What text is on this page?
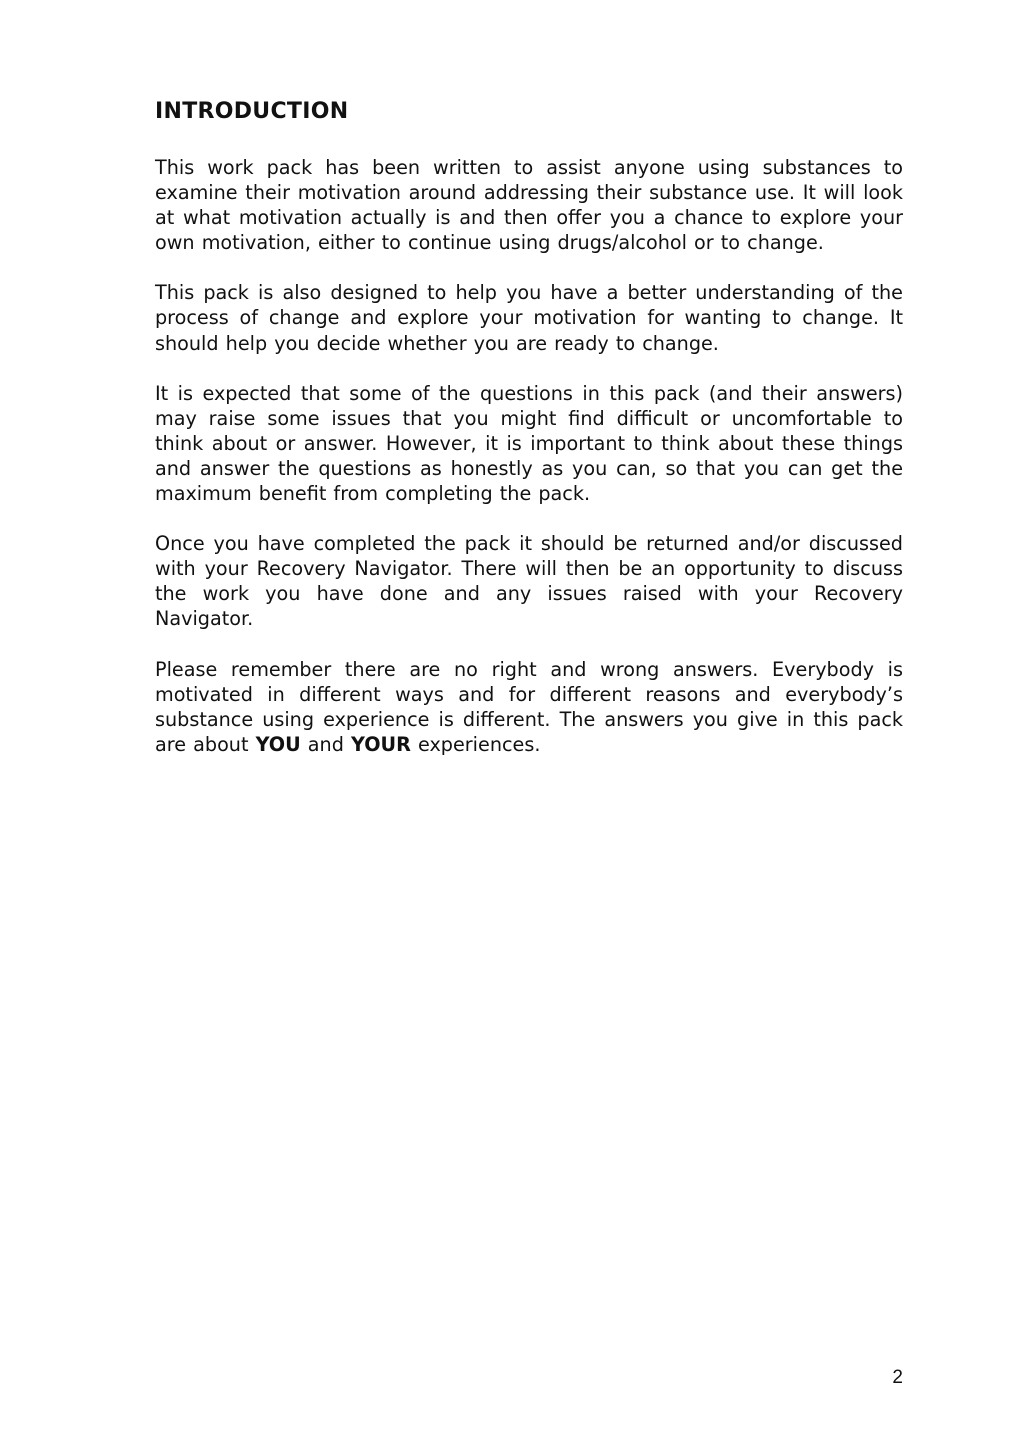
INTRODUCTION

This work pack has been written to assist anyone using substances to examine their motivation around addressing their substance use. It will look at what motivation actually is and then offer you a chance to explore your own motivation, either to continue using drugs/alcohol or to change.

This pack is also designed to help you have a better understanding of the process of change and explore your motivation for wanting to change. It should help you decide whether you are ready to change.

It is expected that some of the questions in this pack (and their answers) may raise some issues that you might find difficult or uncomfortable to think about or answer. However, it is important to think about these things and answer the questions as honestly as you can, so that you can get the maximum benefit from completing the pack.

Once you have completed the pack it should be returned and/or discussed with your Recovery Navigator. There will then be an opportunity to discuss the work you have done and any issues raised with your Recovery Navigator.

Please remember there are no right and wrong answers. Everybody is motivated in different ways and for different reasons and everybody’s substance using experience is different. The answers you give in this pack are about YOU and YOUR experiences.

2
